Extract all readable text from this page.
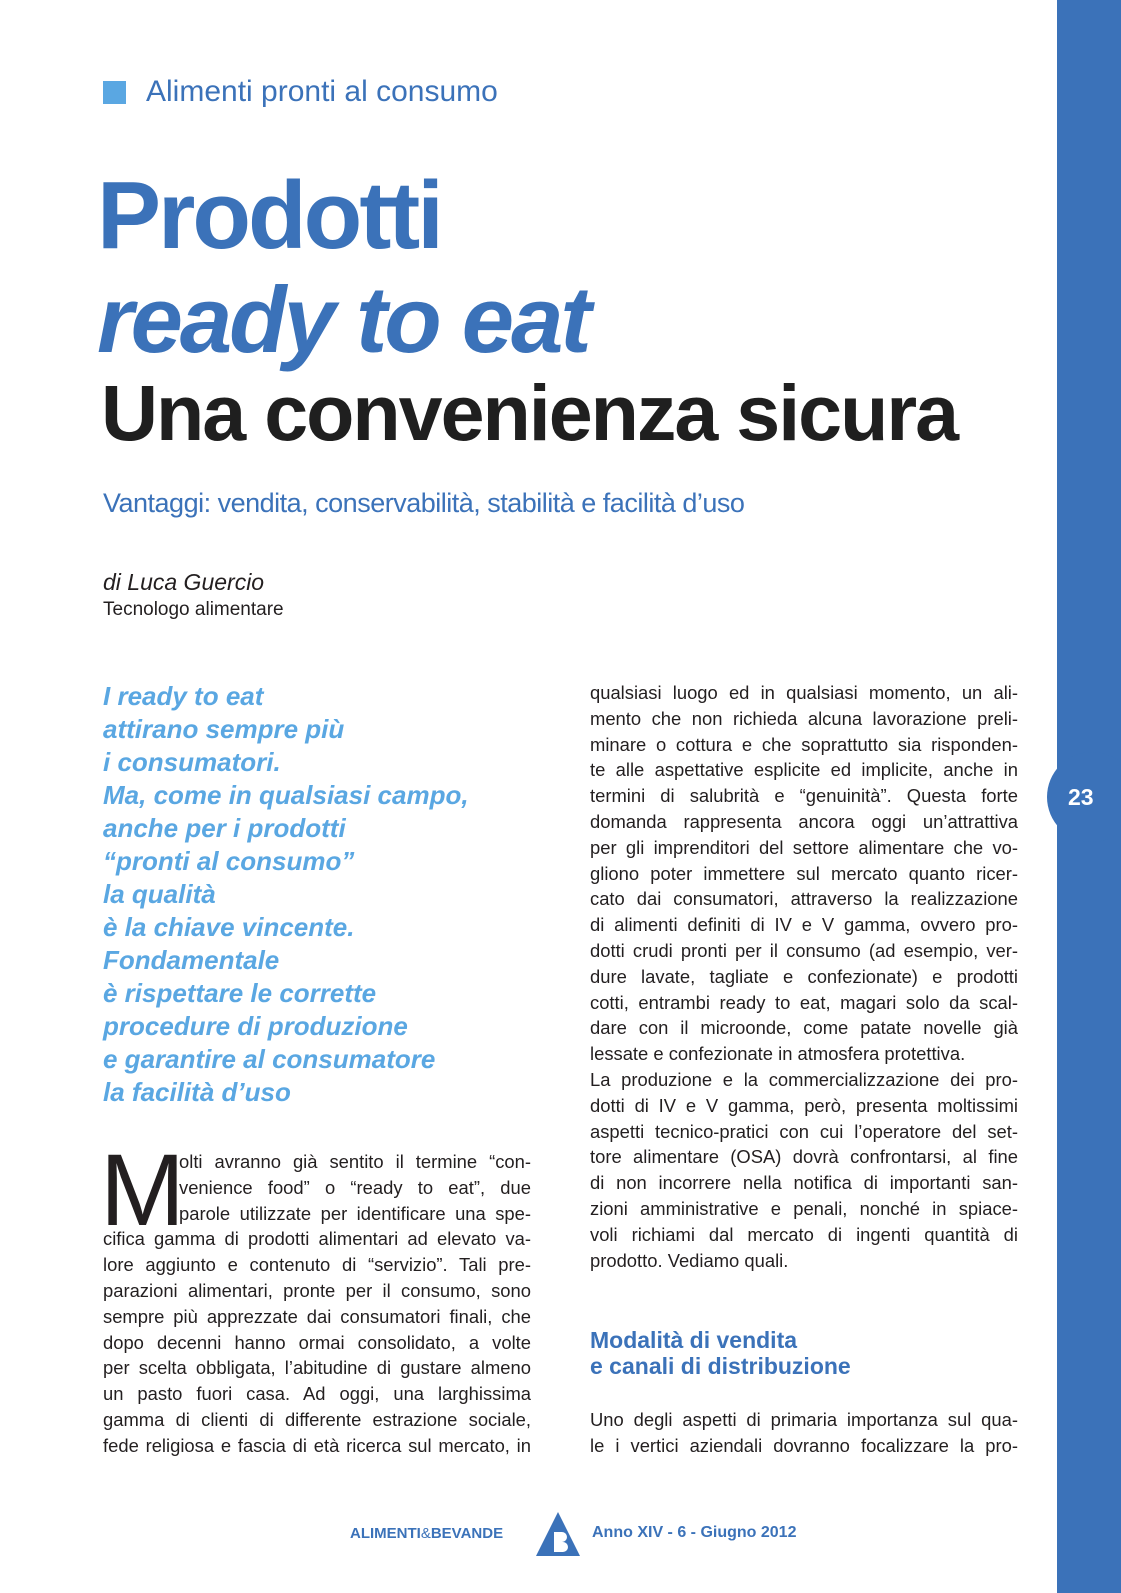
23
Alimenti pronti al consumo
Prodotti
ready to eat
Una convenienza sicura

Vantaggi: vendita, conservabilità, stabilità e facilità d’uso

di Luca Guercio
Tecnologo alimentare
I ready to eat
attirano sempre più
i consumatori.
Ma, come in qualsiasi campo,
anche per i prodotti
“pronti al consumo”
la qualità
è la chiave vincente.
Fondamentale
è rispettare le corrette
procedure di produzione
e garantire al consumatore
la facilità d’uso
M
olti avranno già sentito il termine “con-
venience food” o “ready to eat”, due
parole utilizzate per identificare una spe-
cifica gamma di prodotti alimentari ad elevato va-
lore aggiunto e contenuto di “servizio”. Tali pre-
parazioni alimentari, pronte per il consumo, sono
sempre più apprezzate dai consumatori finali, che
dopo decenni hanno ormai consolidato, a volte
per scelta obbligata, l’abitudine di gustare almeno
un pasto fuori casa. Ad oggi, una larghissima
gamma di clienti di differente estrazione sociale,
fede religiosa e fascia di età ricerca sul mercato, in
qualsiasi luogo ed in qualsiasi momento, un ali-
mento che non richieda alcuna lavorazione preli-
minare o cottura e che soprattutto sia risponden-
te alle aspettative esplicite ed implicite, anche in
termini di salubrità e “genuinità”. Questa forte
domanda rappresenta ancora oggi un’attrattiva
per gli imprenditori del settore alimentare che vo-
gliono poter immettere sul mercato quanto ricer-
cato dai consumatori, attraverso la realizzazione
di alimenti definiti di IV e V gamma, ovvero pro-
dotti crudi pronti per il consumo (ad esempio, ver-
dure lavate, tagliate e confezionate) e prodotti
cotti, entrambi ready to eat, magari solo da scal-
dare con il microonde, come patate novelle già
lessate e confezionate in atmosfera protettiva.
La produzione e la commercializzazione dei pro-
dotti di IV e V gamma, però, presenta moltissimi
aspetti tecnico-pratici con cui l’operatore del set-
tore alimentare (OSA) dovrà confrontarsi, al fine
di non incorrere nella notifica di importanti san-
zioni amministrative e penali, nonché in spiace-
voli richiami dal mercato di ingenti quantità di
prodotto. Vediamo quali.
Modalità di vendita
e canali di distribuzione
Uno degli aspetti di primaria importanza sul qua-
le i vertici aziendali dovranno focalizzare la pro-
ALIMENTI&BEVANDE	Anno XIV - 6 - Giugno 2012
